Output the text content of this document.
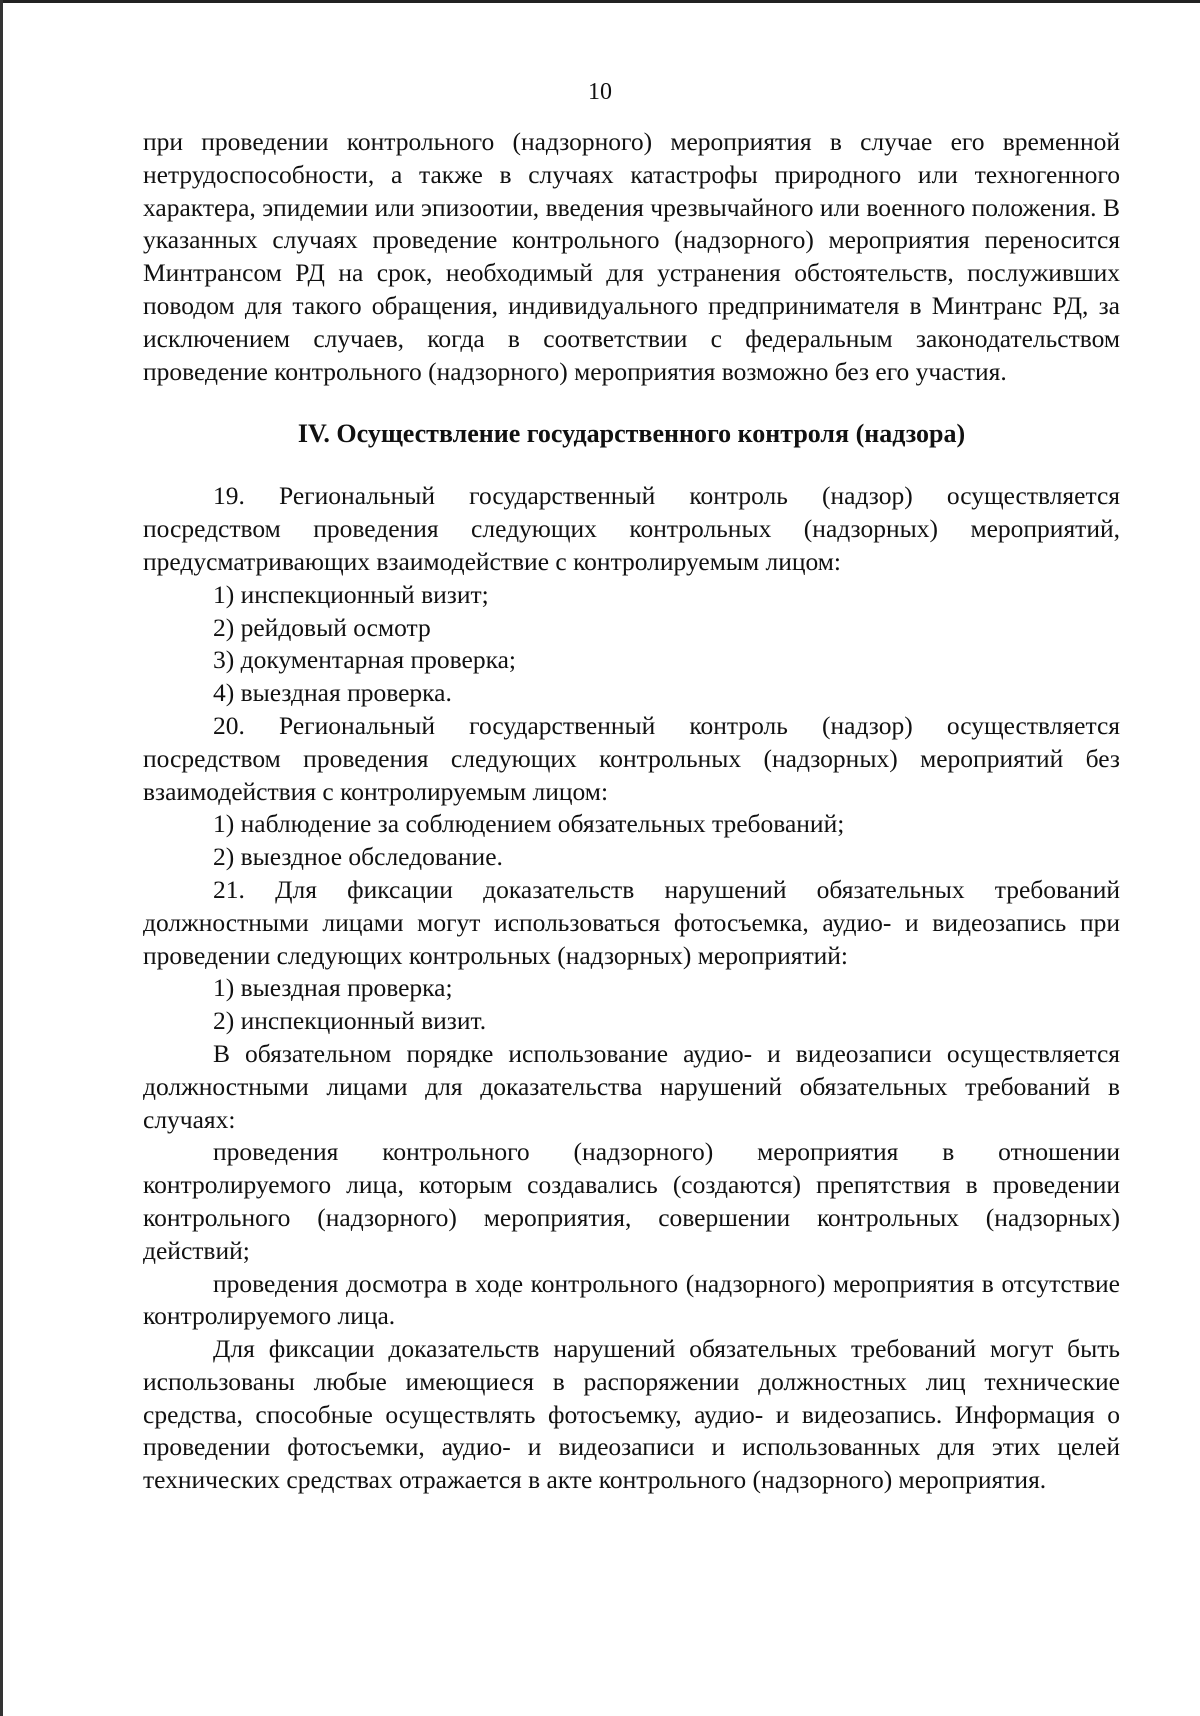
10

при проведении контрольного (надзорного) мероприятия в случае его временной нетрудоспособности, а также в случаях катастрофы природного или техногенного характера, эпидемии или эпизоотии, введения чрезвычайного или военного положения. В указанных случаях проведение контрольного (надзорного) мероприятия переносится Минтрансом РД на срок, необходимый для устранения обстоятельств, послуживших поводом для такого обращения, индивидуального предпринимателя в Минтранс РД, за исключением случаев, когда в соответствии с федеральным законодательством проведение контрольного (надзорного) мероприятия возможно без его участия.

IV. Осуществление государственного контроля (надзора)

19. Региональный государственный контроль (надзор) осуществляется посредством проведения следующих контрольных (надзорных) мероприятий, предусматривающих взаимодействие с контролируемым лицом:

1) инспекционный визит;

2) рейдовый осмотр

3) документарная проверка;

4) выездная проверка.

20. Региональный государственный контроль (надзор) осуществляется посредством проведения следующих контрольных (надзорных) мероприятий без взаимодействия с контролируемым лицом:

1) наблюдение за соблюдением обязательных требований;

2) выездное обследование.

21. Для фиксации доказательств нарушений обязательных требований должностными лицами могут использоваться фотосъемка, аудио- и видеозапись при проведении следующих контрольных (надзорных) мероприятий:

1) выездная проверка;

2) инспекционный визит.

В обязательном порядке использование аудио- и видеозаписи осуществляется должностными лицами для доказательства нарушений обязательных требований в случаях:

проведения контрольного (надзорного) мероприятия в отношении контролируемого лица, которым создавались (создаются) препятствия в проведении контрольного (надзорного) мероприятия, совершении контрольных (надзорных) действий;

проведения досмотра в ходе контрольного (надзорного) мероприятия в отсутствие контролируемого лица.

Для фиксации доказательств нарушений обязательных требований могут быть использованы любые имеющиеся в распоряжении должностных лиц технические средства, способные осуществлять фотосъемку, аудио- и видеозапись. Информация о проведении фотосъемки, аудио- и видеозаписи и использованных для этих целей технических средствах отражается в акте контрольного (надзорного) мероприятия.
